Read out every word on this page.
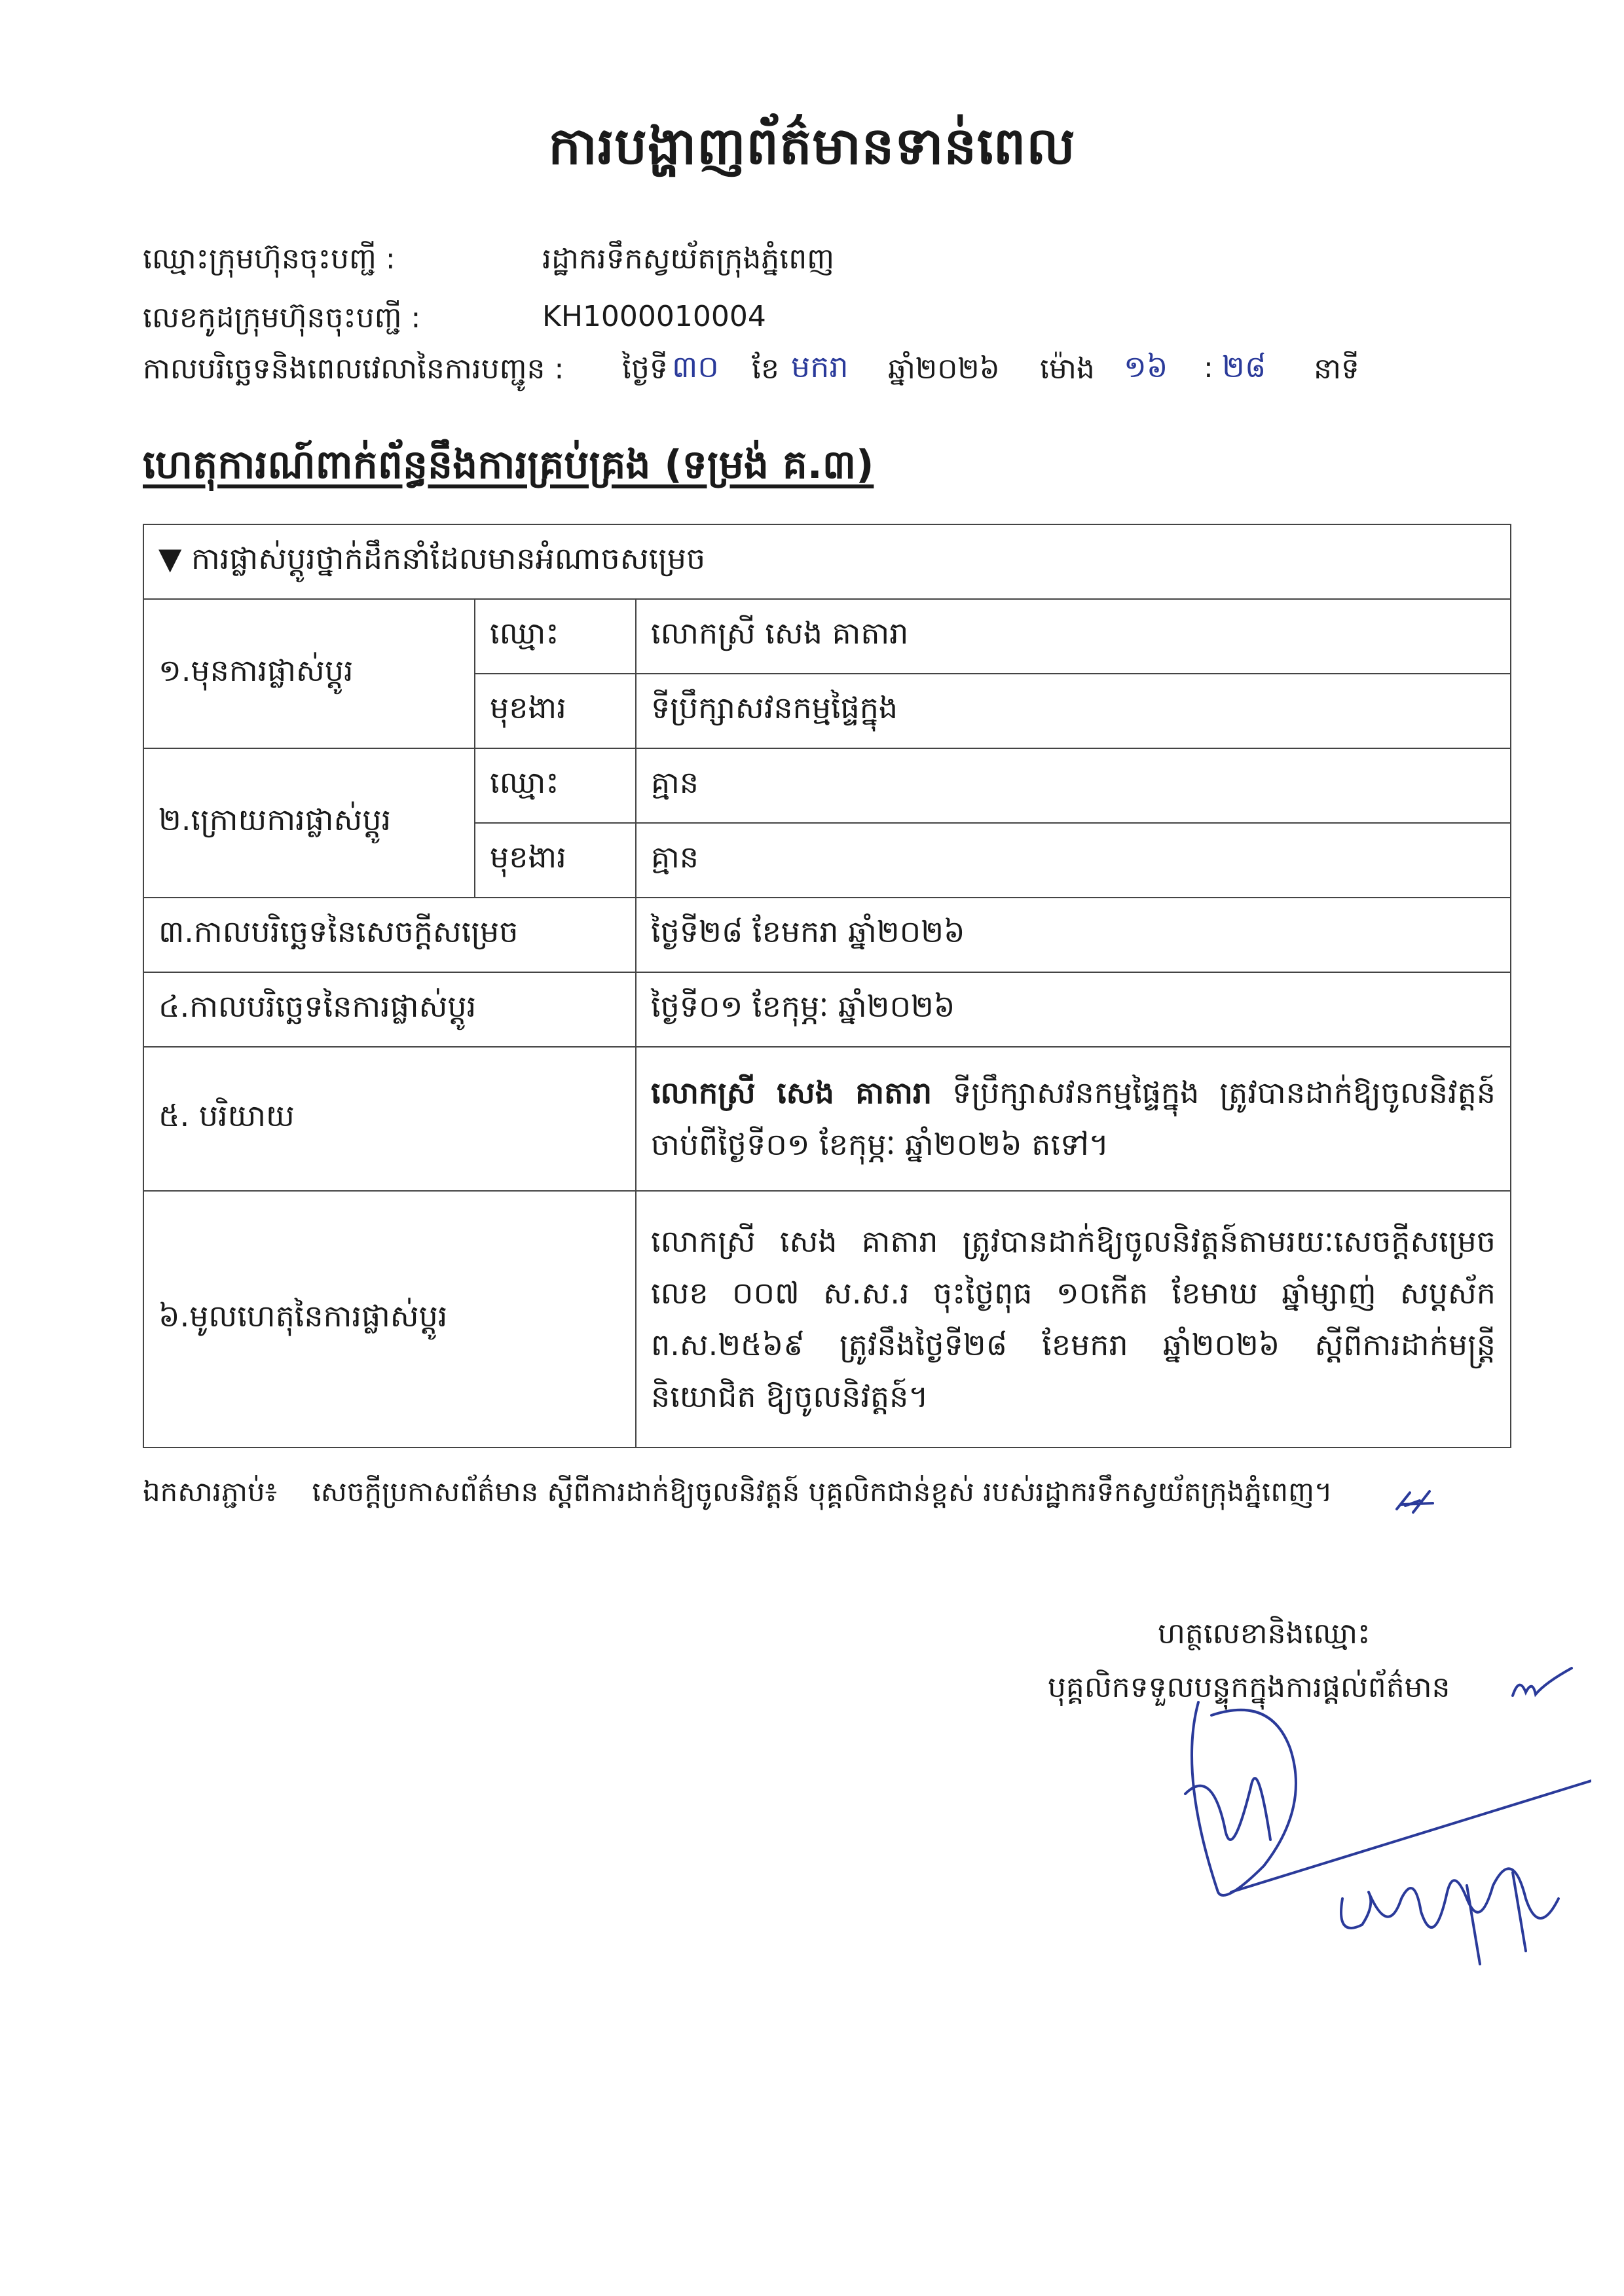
ការបង្ហាញព័ត៌មានទាន់ពេល
ឈ្មោះក្រុមហ៊ុនចុះបញ្ជី :	រដ្ឋាករទឹកស្វយ័តក្រុងភ្នំពេញ
លេខកូដក្រុមហ៊ុនចុះបញ្ជី :	KH1000010004
កាលបរិច្ឆេទនិងពេលវេលានៃការបញ្ជូន : ថ្ងៃទី ៣០ ខែ មករា ឆ្នាំ២០២៦ ម៉ោង ១៦ : ២៨ នាទី
ហេតុការណ៍ពាក់ព័ន្ធនឹងការគ្រប់គ្រង (ទម្រង់ គ.៣)
▼ ការផ្លាស់ប្តូរថ្នាក់ដឹកនាំដែលមានអំណាចសម្រេច		
១.មុនការផ្លាស់ប្តូរ	ឈ្មោះ	លោកស្រី សេង គាតារា
	មុខងារ	ទីប្រឹក្សាសវនកម្មផ្ទៃក្នុង
២.ក្រោយការផ្លាស់ប្តូរ	ឈ្មោះ	គ្មាន
	មុខងារ	គ្មាន
៣.កាលបរិច្ឆេទនៃសេចក្តីសម្រេច		ថ្ងៃទី២៨ ខែមករា ឆ្នាំ២០២៦
៤.កាលបរិច្ឆេទនៃការផ្លាស់ប្តូរ		ថ្ងៃទី០១ ខែកុម្ភៈ ឆ្នាំ២០២៦
៥. បរិយាយ		លោកស្រី សេង គាតារា ទីប្រឹក្សាសវនកម្មផ្ទៃក្នុង ត្រូវបានដាក់ឱ្យចូលនិវត្តន៍ ចាប់ពីថ្ងៃទី០១ ខែកុម្ភៈ ឆ្នាំ២០២៦ តទៅ។
៦.មូលហេតុនៃការផ្លាស់ប្តូរ		លោកស្រី សេង គាតារា ត្រូវបានដាក់ឱ្យចូលនិវត្តន៍តាមរយៈសេចក្តីសម្រេច លេខ ០០៧ ស.ស.រ ចុះថ្ងៃពុធ ១០កើត ខែមាឃ ឆ្នាំម្សាញ់ សប្តស័ក ព.ស.២៥៦៩ ត្រូវនឹងថ្ងៃទី២៨ ខែមករា ឆ្នាំ២០២៦ ស្តីពីការដាក់មន្ត្រីនិយោជិត ឱ្យចូលនិវត្តន៍។
ឯកសារភ្ជាប់៖ សេចក្តីប្រកាសព័ត៌មាន ស្តីពីការដាក់ឱ្យចូលនិវត្តន៍ បុគ្គលិកជាន់ខ្ពស់ របស់រដ្ឋាករទឹកស្វយ័តក្រុងភ្នំពេញ។
ហត្ថលេខានិងឈ្មោះ
បុគ្គលិកទទួលបន្ទុកក្នុងការផ្តល់ព័ត៌មាន
